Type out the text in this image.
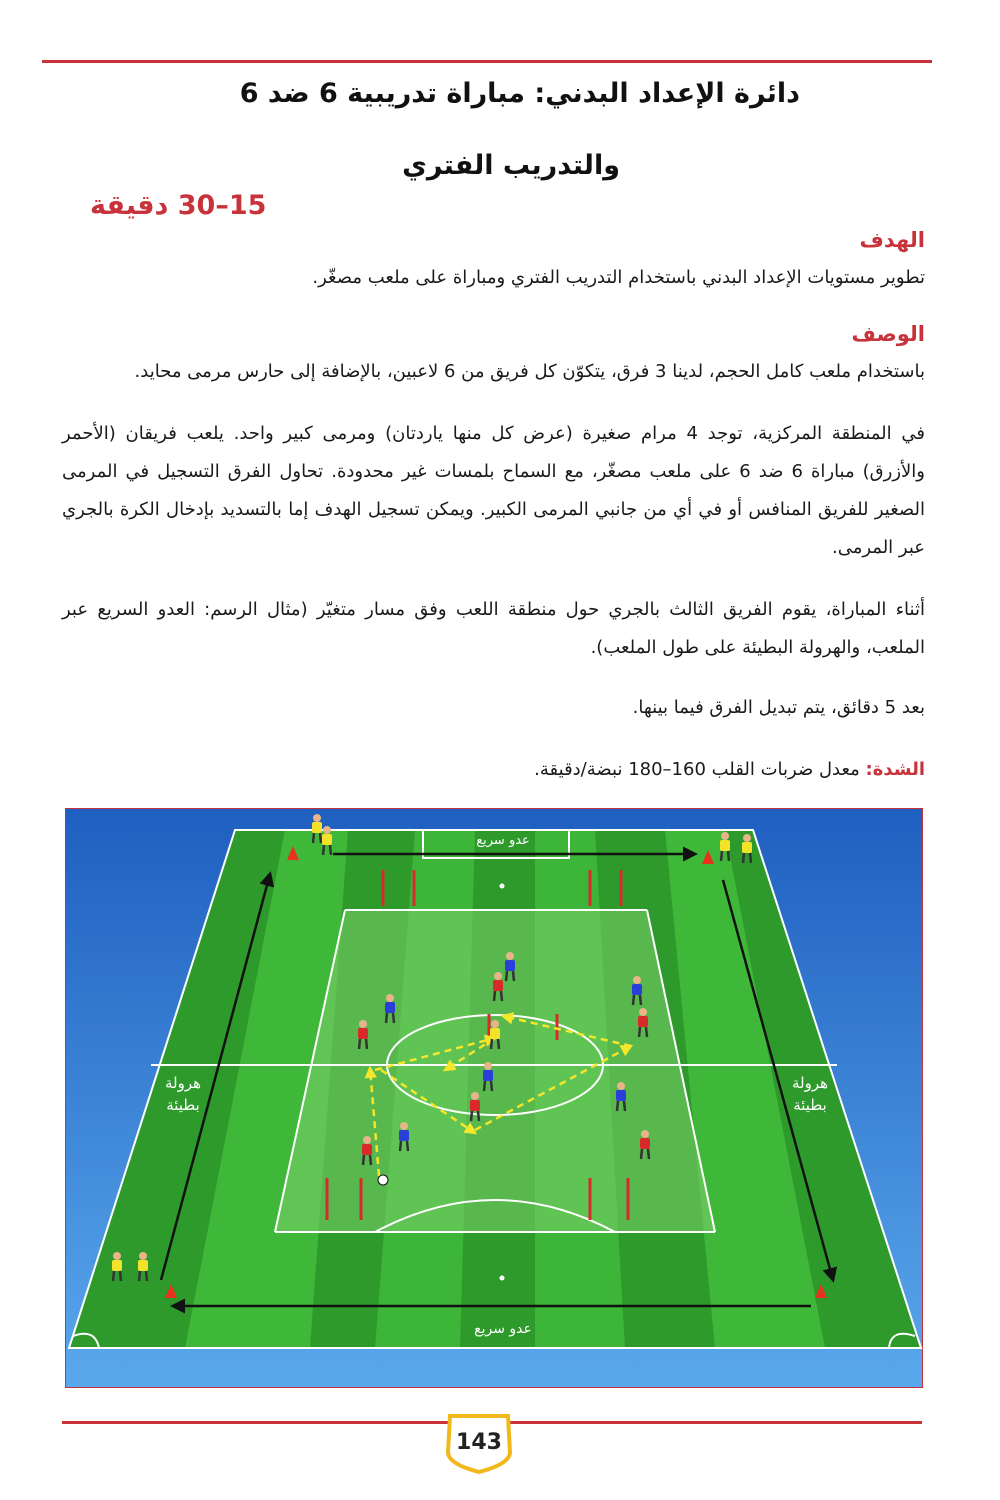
دائرة الإعداد البدني: مباراة تدريبية 6 ضد 6
والتدريب الفتري
15–30 دقيقة
الهدف
تطوير مستويات الإعداد البدني باستخدام التدريب الفتري ومباراة على ملعب مصغّر.
الوصف
باستخدام ملعب كامل الحجم، لدينا 3 فرق، يتكوّن كل فريق من 6 لاعبين، بالإضافة إلى حارس مرمى محايد.
في المنطقة المركزية، توجد 4 مرام صغيرة (عرض كل منها ياردتان) ومرمى كبير واحد. يلعب فريقان (الأحمر والأزرق) مباراة 6 ضد 6 على ملعب مصغّر، مع السماح بلمسات غير محدودة. تحاول الفرق التسجيل في المرمى الصغير للفريق المنافس أو في أي من جانبي المرمى الكبير. ويمكن تسجيل الهدف إما بالتسديد بإدخال الكرة بالجري عبر المرمى.
أثناء المباراة، يقوم الفريق الثالث بالجري حول منطقة اللعب وفق مسار متغيّر (مثال الرسم: العدو السريع عبر الملعب، والهرولة البطيئة على طول الملعب).
بعد 5 دقائق، يتم تبديل الفرق فيما بينها.
الشدة: معدل ضربات القلب 160–180 نبضة/دقيقة.
عدو سريع
عدو سريع
هرولة بطيئة
هرولة بطيئة
143
